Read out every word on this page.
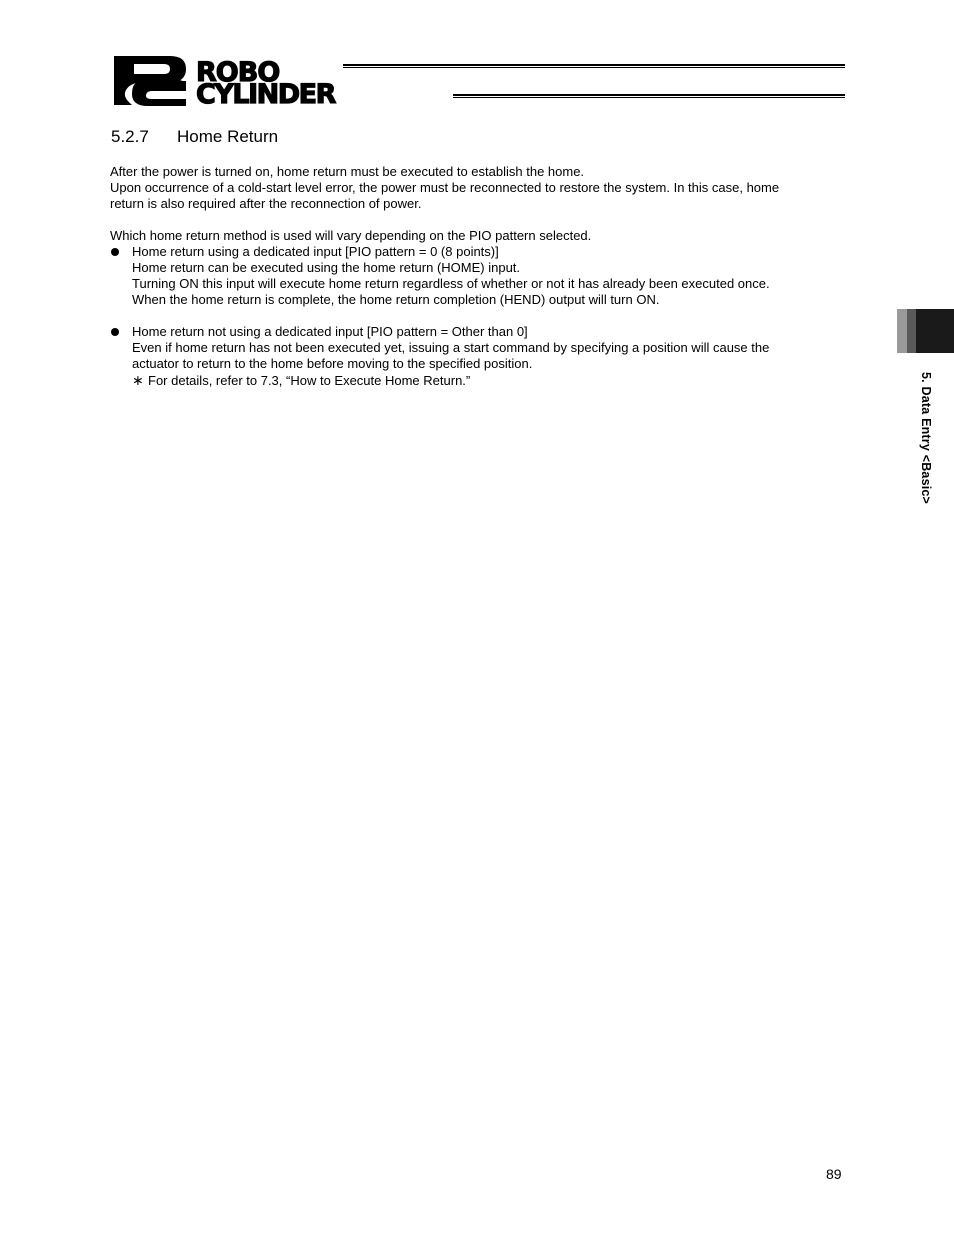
ROBO
CYLINDER
5.2.7 Home Return

After the power is turned on, home return must be executed to establish the home.

Upon occurrence of a cold-start level error, the power must be reconnected to restore the system. In this case, home

return is also required after the reconnection of power.

Which home return method is used will vary depending on the PIO pattern selected.

Home return using a dedicated input [PIO pattern = 0 (8 points)]

Home return can be executed using the home return (HOME) input.

Turning ON this input will execute home return regardless of whether or not it has already been executed once.

When the home return is complete, the home return completion (HEND) output will turn ON.

Home return not using a dedicated input [PIO pattern = Other than 0]

Even if home return has not been executed yet, issuing a start command by specifying a position will cause the

actuator to return to the home before moving to the specified position.

∗ For details, refer to 7.3, “How to Execute Home Return.”	5. Data Entry <Basic>
89
